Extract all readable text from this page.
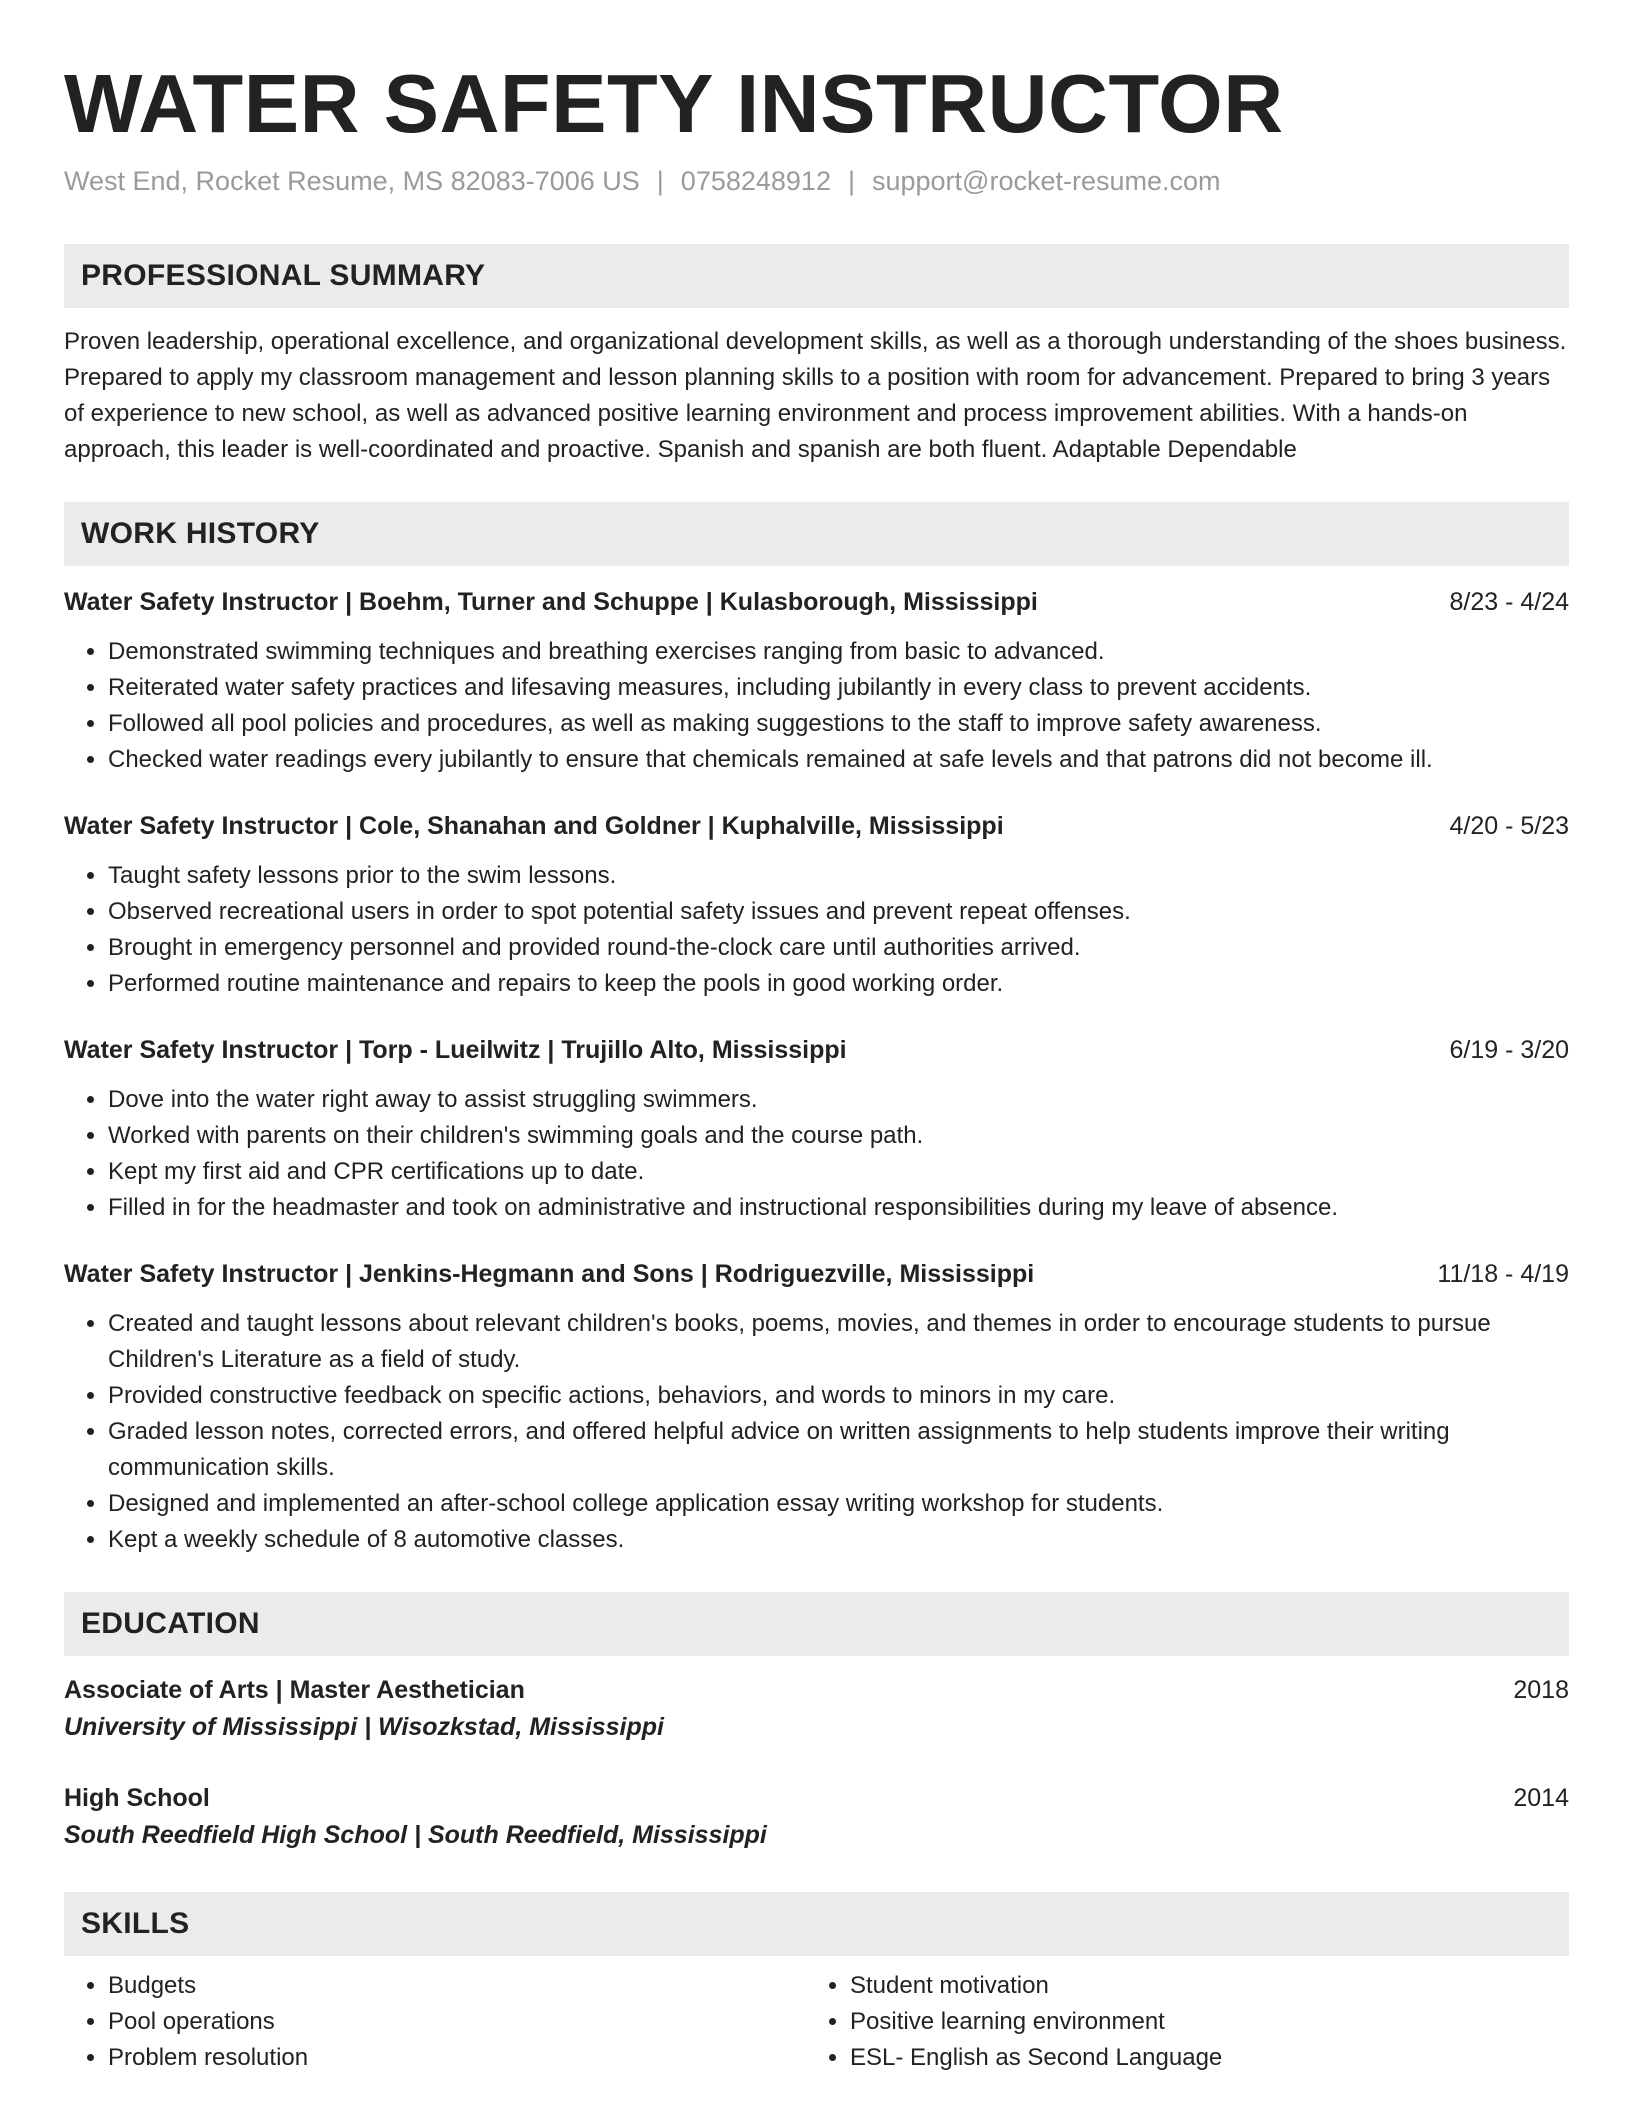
WATER SAFETY INSTRUCTOR
West End, Rocket Resume, MS 82083-7006 US | 0758248912 | support@rocket-resume.com
PROFESSIONAL SUMMARY
Proven leadership, operational excellence, and organizational development skills, as well as a thorough understanding of the shoes business. Prepared to apply my classroom management and lesson planning skills to a position with room for advancement. Prepared to bring 3 years of experience to new school, as well as advanced positive learning environment and process improvement abilities. With a hands-on approach, this leader is well-coordinated and proactive. Spanish and spanish are both fluent. Adaptable Dependable
WORK HISTORY
Water Safety Instructor | Boehm, Turner and Schuppe | Kulasborough, Mississippi	8/23 - 4/24
• Demonstrated swimming techniques and breathing exercises ranging from basic to advanced.
• Reiterated water safety practices and lifesaving measures, including jubilantly in every class to prevent accidents.
• Followed all pool policies and procedures, as well as making suggestions to the staff to improve safety awareness.
• Checked water readings every jubilantly to ensure that chemicals remained at safe levels and that patrons did not become ill.
Water Safety Instructor | Cole, Shanahan and Goldner | Kuphalville, Mississippi	4/20 - 5/23
• Taught safety lessons prior to the swim lessons.
• Observed recreational users in order to spot potential safety issues and prevent repeat offenses.
• Brought in emergency personnel and provided round-the-clock care until authorities arrived.
• Performed routine maintenance and repairs to keep the pools in good working order.
Water Safety Instructor | Torp - Lueilwitz | Trujillo Alto, Mississippi	6/19 - 3/20
• Dove into the water right away to assist struggling swimmers.
• Worked with parents on their children's swimming goals and the course path.
• Kept my first aid and CPR certifications up to date.
• Filled in for the headmaster and took on administrative and instructional responsibilities during my leave of absence.
Water Safety Instructor | Jenkins-Hegmann and Sons | Rodriguezville, Mississippi	11/18 - 4/19
• Created and taught lessons about relevant children's books, poems, movies, and themes in order to encourage students to pursue Children's Literature as a field of study.
• Provided constructive feedback on specific actions, behaviors, and words to minors in my care.
• Graded lesson notes, corrected errors, and offered helpful advice on written assignments to help students improve their writing communication skills.
• Designed and implemented an after-school college application essay writing workshop for students.
• Kept a weekly schedule of 8 automotive classes.
EDUCATION
Associate of Arts | Master Aesthetician	2018
University of Mississippi | Wisozkstad, Mississippi
High School	2014
South Reedfield High School | South Reedfield, Mississippi
SKILLS
• Budgets
• Pool operations
• Problem resolution
• Student motivation
• Positive learning environment
• ESL- English as Second Language
